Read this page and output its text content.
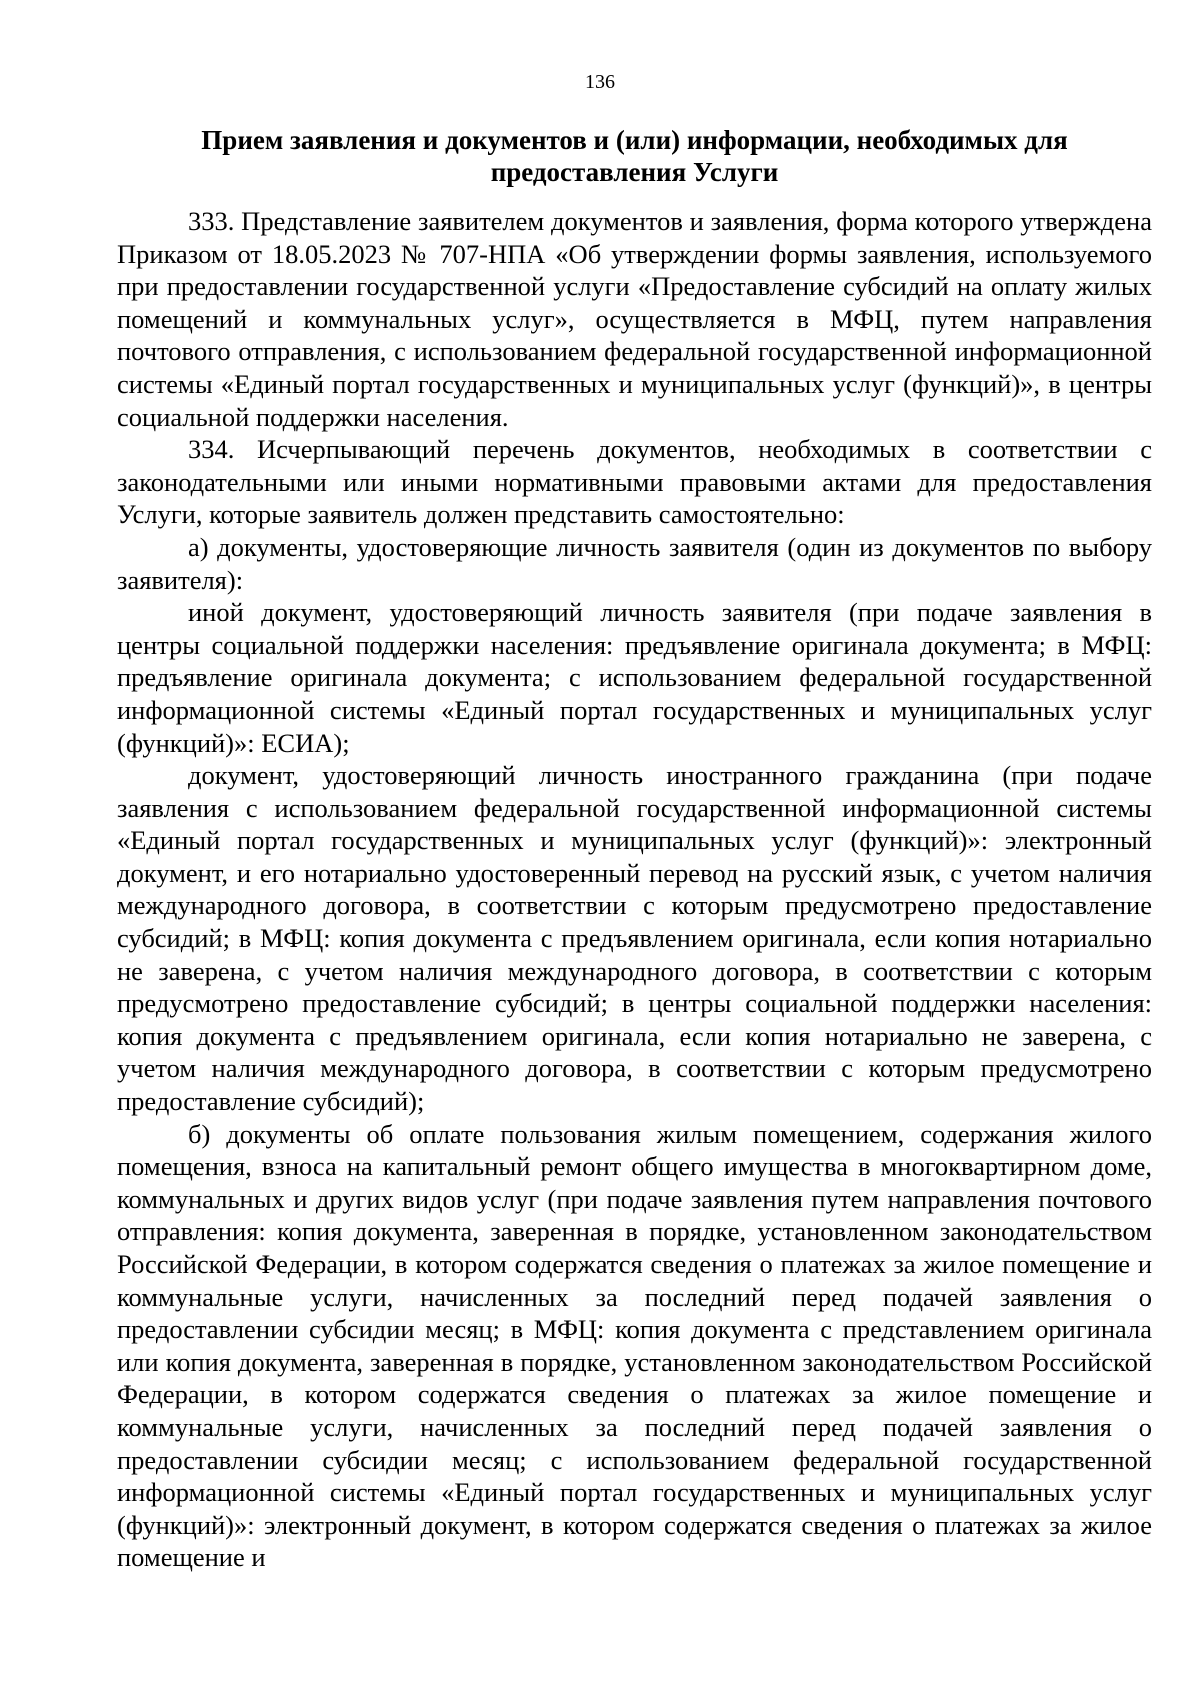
136
Прием заявления и документов и (или) информации, необходимых для предоставления Услуги

333. Представление заявителем документов и заявления, форма которого утверждена Приказом от 18.05.2023 № 707-НПА «Об утверждении формы заявления, используемого при предоставлении государственной услуги «Предоставление субсидий на оплату жилых помещений и коммунальных услуг», осуществляется в МФЦ, путем направления почтового отправления, с использованием федеральной государственной информационной системы «Единый портал государственных и муниципальных услуг (функций)», в центры социальной поддержки населения.

334. Исчерпывающий перечень документов, необходимых в соответствии с законодательными или иными нормативными правовыми актами для предоставления Услуги, которые заявитель должен представить самостоятельно:

а) документы, удостоверяющие личность заявителя (один из документов по выбору заявителя):

иной документ, удостоверяющий личность заявителя (при подаче заявления в центры социальной поддержки населения: предъявление оригинала документа; в МФЦ: предъявление оригинала документа; с использованием федеральной государственной информационной системы «Единый портал государственных и муниципальных услуг (функций)»: ЕСИА);

документ, удостоверяющий личность иностранного гражданина (при подаче заявления с использованием федеральной государственной информационной системы «Единый портал государственных и муниципальных услуг (функций)»: электронный документ, и его нотариально удостоверенный перевод на русский язык, с учетом наличия международного договора, в соответствии с которым предусмотрено предоставление субсидий; в МФЦ: копия документа с предъявлением оригинала, если копия нотариально не заверена, с учетом наличия международного договора, в соответствии с которым предусмотрено предоставление субсидий; в центры социальной поддержки населения: копия документа с предъявлением оригинала, если копия нотариально не заверена, с учетом наличия международного договора, в соответствии с которым предусмотрено предоставление субсидий);

б) документы об оплате пользования жилым помещением, содержания жилого помещения, взноса на капитальный ремонт общего имущества в многоквартирном доме, коммунальных и других видов услуг (при подаче заявления путем направления почтового отправления: копия документа, заверенная в порядке, установленном законодательством Российской Федерации, в котором содержатся сведения о платежах за жилое помещение и коммунальные услуги, начисленных за последний перед подачей заявления о предоставлении субсидии месяц; в МФЦ: копия документа с представлением оригинала или копия документа, заверенная в порядке, установленном законодательством Российской Федерации, в котором содержатся сведения о платежах за жилое помещение и коммунальные услуги, начисленных за последний перед подачей заявления о предоставлении субсидии месяц; с использованием федеральной государственной информационной системы «Единый портал государственных и муниципальных услуг (функций)»: электронный документ, в котором содержатся сведения о платежах за жилое помещение и
